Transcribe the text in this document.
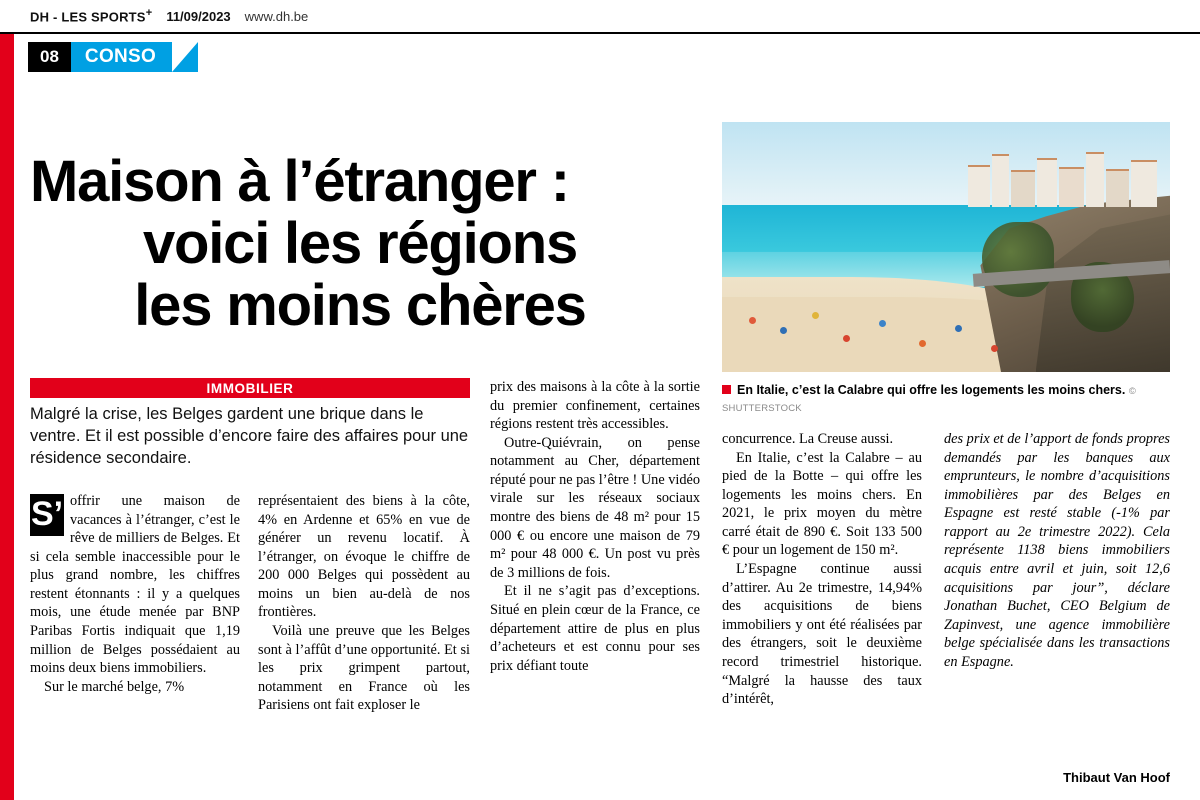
DH - LES SPORTS+ 11/09/2023 www.dh.be
08	CONSO
Maison à l’étranger :
voici les régions
les moins chères
En Italie, c’est la Calabre qui offre les logements les moins chers. © SHUTTERSTOCK
IMMOBILIER
Malgré la crise, les Belges gardent une brique dans le ventre. Et il est possible d’encore faire des affaires pour une résidence secondaire.

S’ offrir une maison de vacances à l’étranger, c’est le rêve de milliers de Belges. Et si cela semble inaccessible pour le plus grand nombre, les chiffres restent étonnants : il y a quelques mois, une étude menée par BNP Paribas Fortis indiquait que 1,19 million de Belges possédaient au moins deux biens immobiliers.

Sur le marché belge, 7%

représentaient des biens à la côte, 4% en Ardenne et 65% en vue de générer un revenu locatif. À l’étranger, on évoque le chiffre de 200 000 Belges qui possèdent au moins un bien au-delà de nos frontières.

Voilà une preuve que les Belges sont à l’affût d’une opportunité. Et si les prix grimpent partout, notamment en France où les Parisiens ont fait exploser le

prix des maisons à la côte à la sortie du premier confinement, certaines régions restent très accessibles.

Outre-Quiévrain, on pense notamment au Cher, département réputé pour ne pas l’être ! Une vidéo virale sur les réseaux sociaux montre des biens de 48 m² pour 15 000 € ou encore une maison de 79 m² pour 48 000 €. Un post vu près de 3 millions de fois.

Et il ne s’agit pas d’exceptions. Situé en plein cœur de la France, ce département attire de plus en plus d’acheteurs et est connu pour ses prix défiant toute

concurrence. La Creuse aussi.

En Italie, c’est la Calabre – au pied de la Botte – qui offre les logements les moins chers. En 2021, le prix moyen du mètre carré était de 890 €. Soit 133 500 € pour un logement de 150 m².

L’Espagne continue aussi d’attirer. Au 2e trimestre, 14,94% des acquisitions de biens immobiliers y ont été réalisées par des étrangers, soit le deuxième record trimestriel historique. “Malgré la hausse des taux d’intérêt,

des prix et de l’apport de fonds propres demandés par les banques aux emprunteurs, le nombre d’acquisitions immobilières par des Belges en Espagne est resté stable (-1% par rapport au 2e trimestre 2022). Cela représente 1138 biens immobiliers acquis entre avril et juin, soit 12,6 acquisitions par jour”, déclare Jonathan Buchet, CEO Belgium de Zapinvest, une agence immobilière belge spécialisée dans les transactions en Espagne.

Thibaut Van Hoof
